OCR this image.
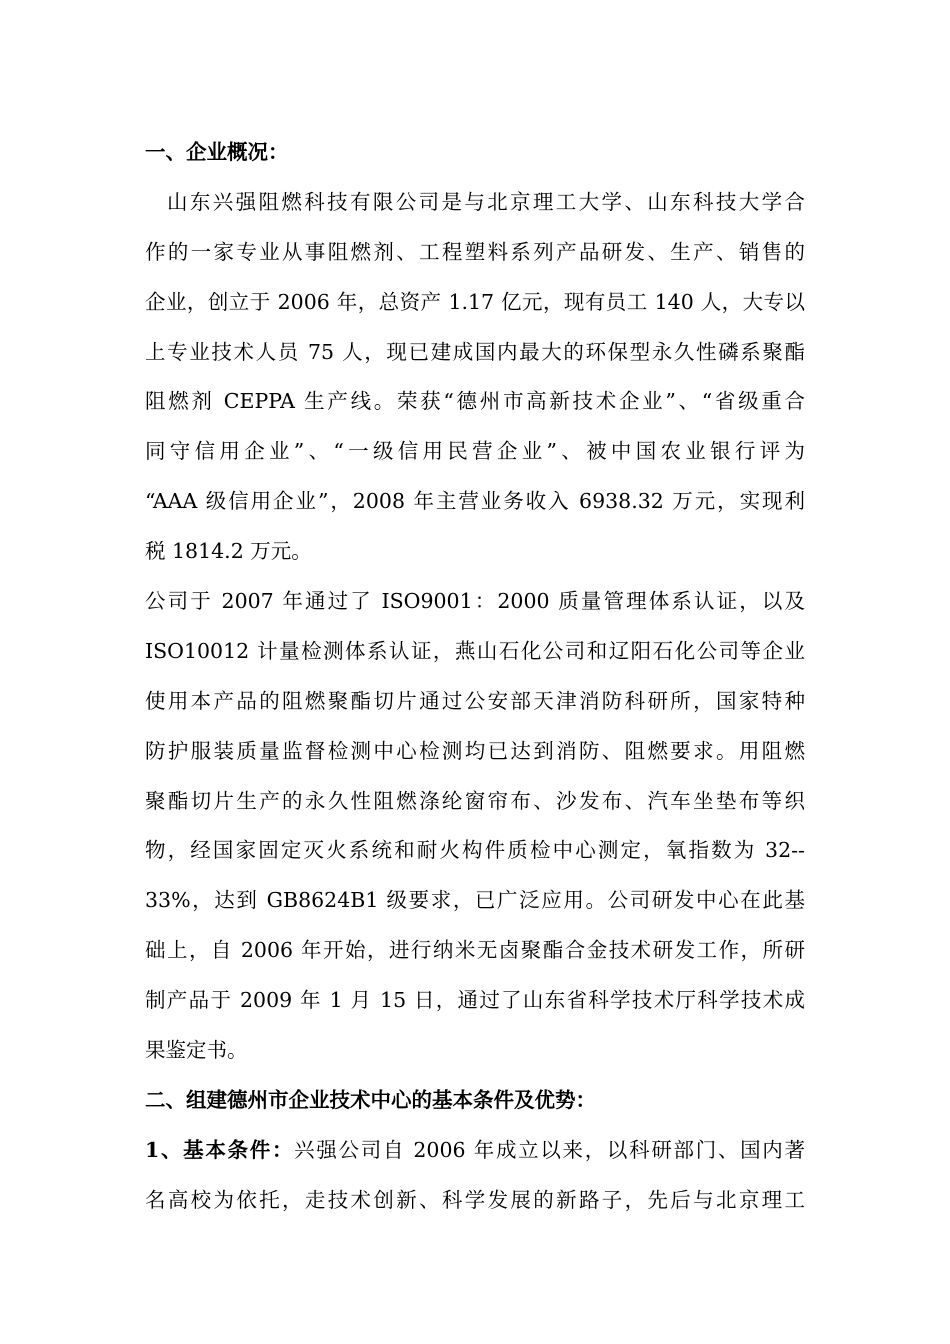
一、企业概况：
山东兴强阻燃科技有限公司是与北京理工大学、山东科技大学合
作的一家专业从事阻燃剂、工程塑料系列产品研发、生产、销售的
企业，创立于 2006 年，总资产 1.17 亿元，现有员工 140 人，大专以
上专业技术人员 75 人，现已建成国内最大的环保型永久性磷系聚酯
阻燃剂 CEPPA 生产线。荣获“德州市高新技术企业”、“省级重合
同守信用企业”、“一级信用民营企业”、被中国农业银行评为
“AAA 级信用企业”，2008 年主营业务收入 6938.32 万元，实现利
税 1814.2 万元。
公司于 2007 年通过了 ISO9001：2000 质量管理体系认证，以及
ISO10012 计量检测体系认证，燕山石化公司和辽阳石化公司等企业
使用本产品的阻燃聚酯切片通过公安部天津消防科研所，国家特种
防护服装质量监督检测中心检测均已达到消防、阻燃要求。用阻燃
聚酯切片生产的永久性阻燃涤纶窗帘布、沙发布、汽车坐垫布等织
物，经国家固定灭火系统和耐火构件质检中心测定，氧指数为 32--
33%，达到 GB8624B1 级要求，已广泛应用。公司研发中心在此基
础上，自 2006 年开始，进行纳米无卤聚酯合金技术研发工作，所研
制产品于 2009 年 1 月 15 日，通过了山东省科学技术厅科学技术成
果鉴定书。
二、组建德州市企业技术中心的基本条件及优势：
1、基本条件：兴强公司自 2006 年成立以来，以科研部门、国内著
名高校为依托，走技术创新、科学发展的新路子，先后与北京理工
